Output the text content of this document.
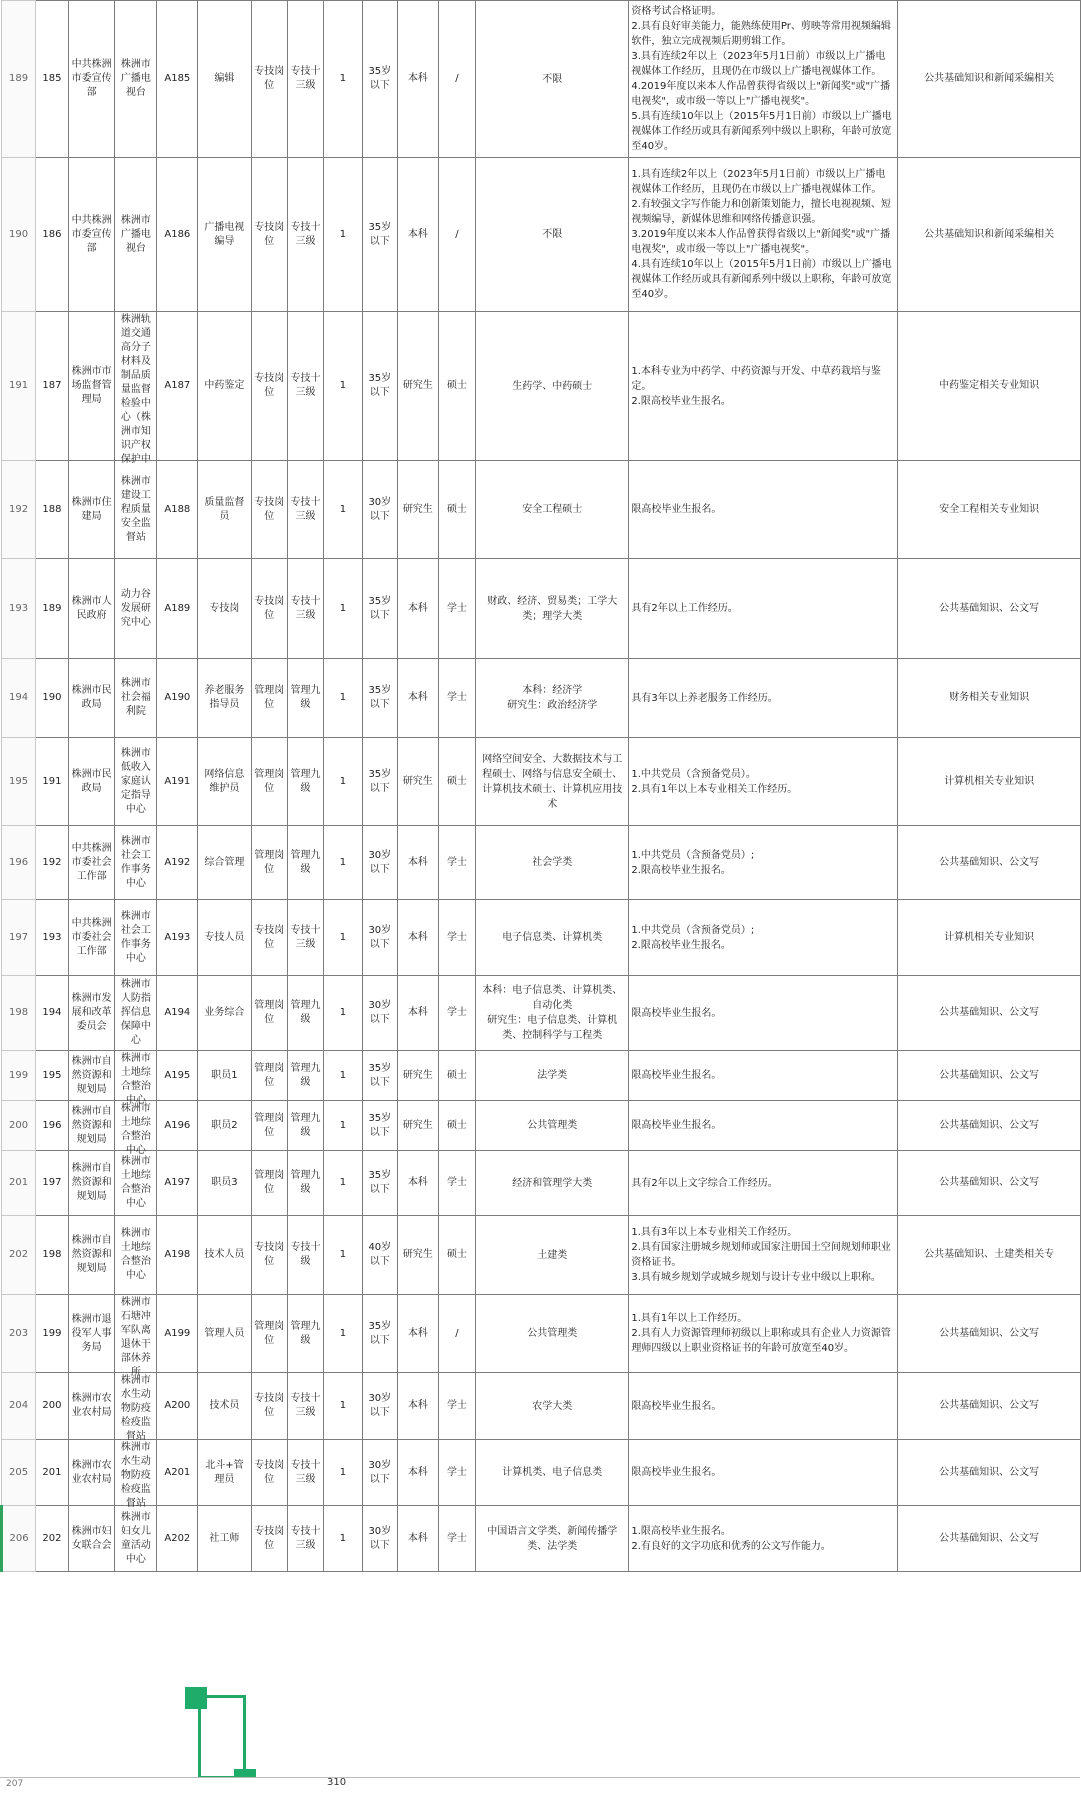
189	185	中共株洲市委宣传部	株洲市广播电视台	A185	编辑	专技岗位	专技十三级	1	35岁以下	本科	/	不限	资格考试合格证明。
2.具有良好审美能力，能熟练使用Pr、剪映等常用视频编辑软件，独立完成视频后期剪辑工作。
3.具有连续2年以上（2023年5月1日前）市级以上广播电视媒体工作经历，且现仍在市级以上广播电视媒体工作。
4.2019年度以来本人作品曾获得省级以上"新闻奖"或"广播电视奖"，或市级一等以上"广播电视奖"。
5.具有连续10年以上（2015年5月1日前）市级以上广播电视媒体工作经历或具有新闻系列中级以上职称，年龄可放宽至40岁。	公共基础知识和新闻采编相关

190	186	中共株洲市委宣传部	株洲市广播电视台	A186	广播电视编导	专技岗位	专技十三级	1	35岁以下	本科	/	不限	1.具有连续2年以上（2023年5月1日前）市级以上广播电视媒体工作经历，且现仍在市级以上广播电视媒体工作。
2.有较强文字写作能力和创新策划能力，擅长电视视频、短视频编导，新媒体思维和网络传播意识强。
3.2019年度以来本人作品曾获得省级以上"新闻奖"或"广播电视奖"，或市级一等以上"广播电视奖"。
4.具有连续10年以上（2015年5月1日前）市级以上广播电视媒体工作经历或具有新闻系列中级以上职称，年龄可放宽至40岁。	公共基础知识和新闻采编相关

191	187	株洲市市场监督管理局	株洲轨道交通高分子材料及制品质量监督检验中心（株洲市知识产权保护中	A187	中药鉴定	专技岗位	专技十三级	1	35岁以下	研究生	硕士	生药学、中药硕士	1.本科专业为中药学、中药资源与开发、中草药栽培与鉴定。
2.限高校毕业生报名。	中药鉴定相关专业知识

192	188	株洲市住建局	株洲市建设工程质量安全监督站	A188	质量监督员	专技岗位	专技十三级	1	30岁以下	研究生	硕士	安全工程硕士	限高校毕业生报名。	安全工程相关专业知识

193	189	株洲市人民政府	动力谷发展研究中心	A189	专技岗	专技岗位	专技十三级	1	35岁以下	本科	学士	财政、经济、贸易类；工学大类；理学大类	具有2年以上工作经历。	公共基础知识、公文写

194	190	株洲市民政局	株洲市社会福利院	A190	养老服务指导员	管理岗位	管理九级	1	35岁以下	本科	学士	本科：经济学
研究生：政治经济学	具有3年以上养老服务工作经历。	财务相关专业知识

195	191	株洲市民政局	株洲市低收入家庭认定指导中心	A191	网络信息维护员	管理岗位	管理九级	1	35岁以下	研究生	硕士	网络空间安全、大数据技术与工程硕士、网络与信息安全硕士、计算机技术硕士、计算机应用技术	1.中共党员（含预备党员）。
2.具有1年以上本专业相关工作经历。	计算机相关专业知识

196	192	中共株洲市委社会工作部	株洲市社会工作事务中心	A192	综合管理	管理岗位	管理九级	1	30岁以下	本科	学士	社会学类	1.中共党员（含预备党员）;
2.限高校毕业生报名。	公共基础知识、公文写

197	193	中共株洲市委社会工作部	株洲市社会工作事务中心	A193	专技人员	专技岗位	专技十三级	1	30岁以下	本科	学士	电子信息类、计算机类	1.中共党员（含预备党员）;
2.限高校毕业生报名。	计算机相关专业知识

198	194	株洲市发展和改革委员会	株洲市人防指挥信息保障中心	A194	业务综合	管理岗位	管理九级	1	30岁以下	本科	学士	本科：电子信息类、计算机类、自动化类
研究生：电子信息类、计算机类、控制科学与工程类	限高校毕业生报名。	公共基础知识、公文写

199	195	株洲市自然资源和规划局	株洲市土地综合整治中心	A195	职员1	管理岗位	管理九级	1	35岁以下	研究生	硕士	法学类	限高校毕业生报名。	公共基础知识、公文写

200	196	株洲市自然资源和规划局	株洲市土地综合整治中心	A196	职员2	管理岗位	管理九级	1	35岁以下	研究生	硕士	公共管理类	限高校毕业生报名。	公共基础知识、公文写

201	197	株洲市自然资源和规划局	株洲市土地综合整治中心	A197	职员3	管理岗位	管理九级	1	35岁以下	本科	学士	经济和管理学大类	具有2年以上文字综合工作经历。	公共基础知识、公文写

202	198	株洲市自然资源和规划局	株洲市土地综合整治中心	A198	技术人员	专技岗位	专技十级	1	40岁以下	研究生	硕士	土建类	1.具有3年以上本专业相关工作经历。
2.具有国家注册城乡规划师或国家注册国土空间规划师职业资格证书。
3.具有城乡规划学或城乡规划与设计专业中级以上职称。	公共基础知识、土建类相关专

203	199	株洲市退役军人事务局	株洲市石塘冲军队离退休干部休养所	A199	管理人员	管理岗位	管理九级	1	35岁以下	本科	/	公共管理类	1.具有1年以上工作经历。
2.具有人力资源管理师初级以上职称或具有企业人力资源管理师四级以上职业资格证书的年龄可放宽至40岁。	公共基础知识、公文写

204	200	株洲市农业农村局	株洲市水生动物防疫检疫监督站	A200	技术员	专技岗位	专技十三级	1	30岁以下	本科	学士	农学大类	限高校毕业生报名。	公共基础知识、公文写

205	201	株洲市农业农村局	株洲市水生动物防疫检疫监督站	A201	北斗+管理员	专技岗位	专技十三级	1	30岁以下	本科	学士	计算机类、电子信息类	限高校毕业生报名。	公共基础知识、公文写

206	202	株洲市妇女联合会	株洲市妇女儿童活动中心	A202	社工师	专技岗位	专技十三级	1	30岁以下	本科	学士	中国语言文学类、新闻传播学类、法学类	1.限高校毕业生报名。
2.有良好的文字功底和优秀的公文写作能力。	公共基础知识、公文写
207	310
